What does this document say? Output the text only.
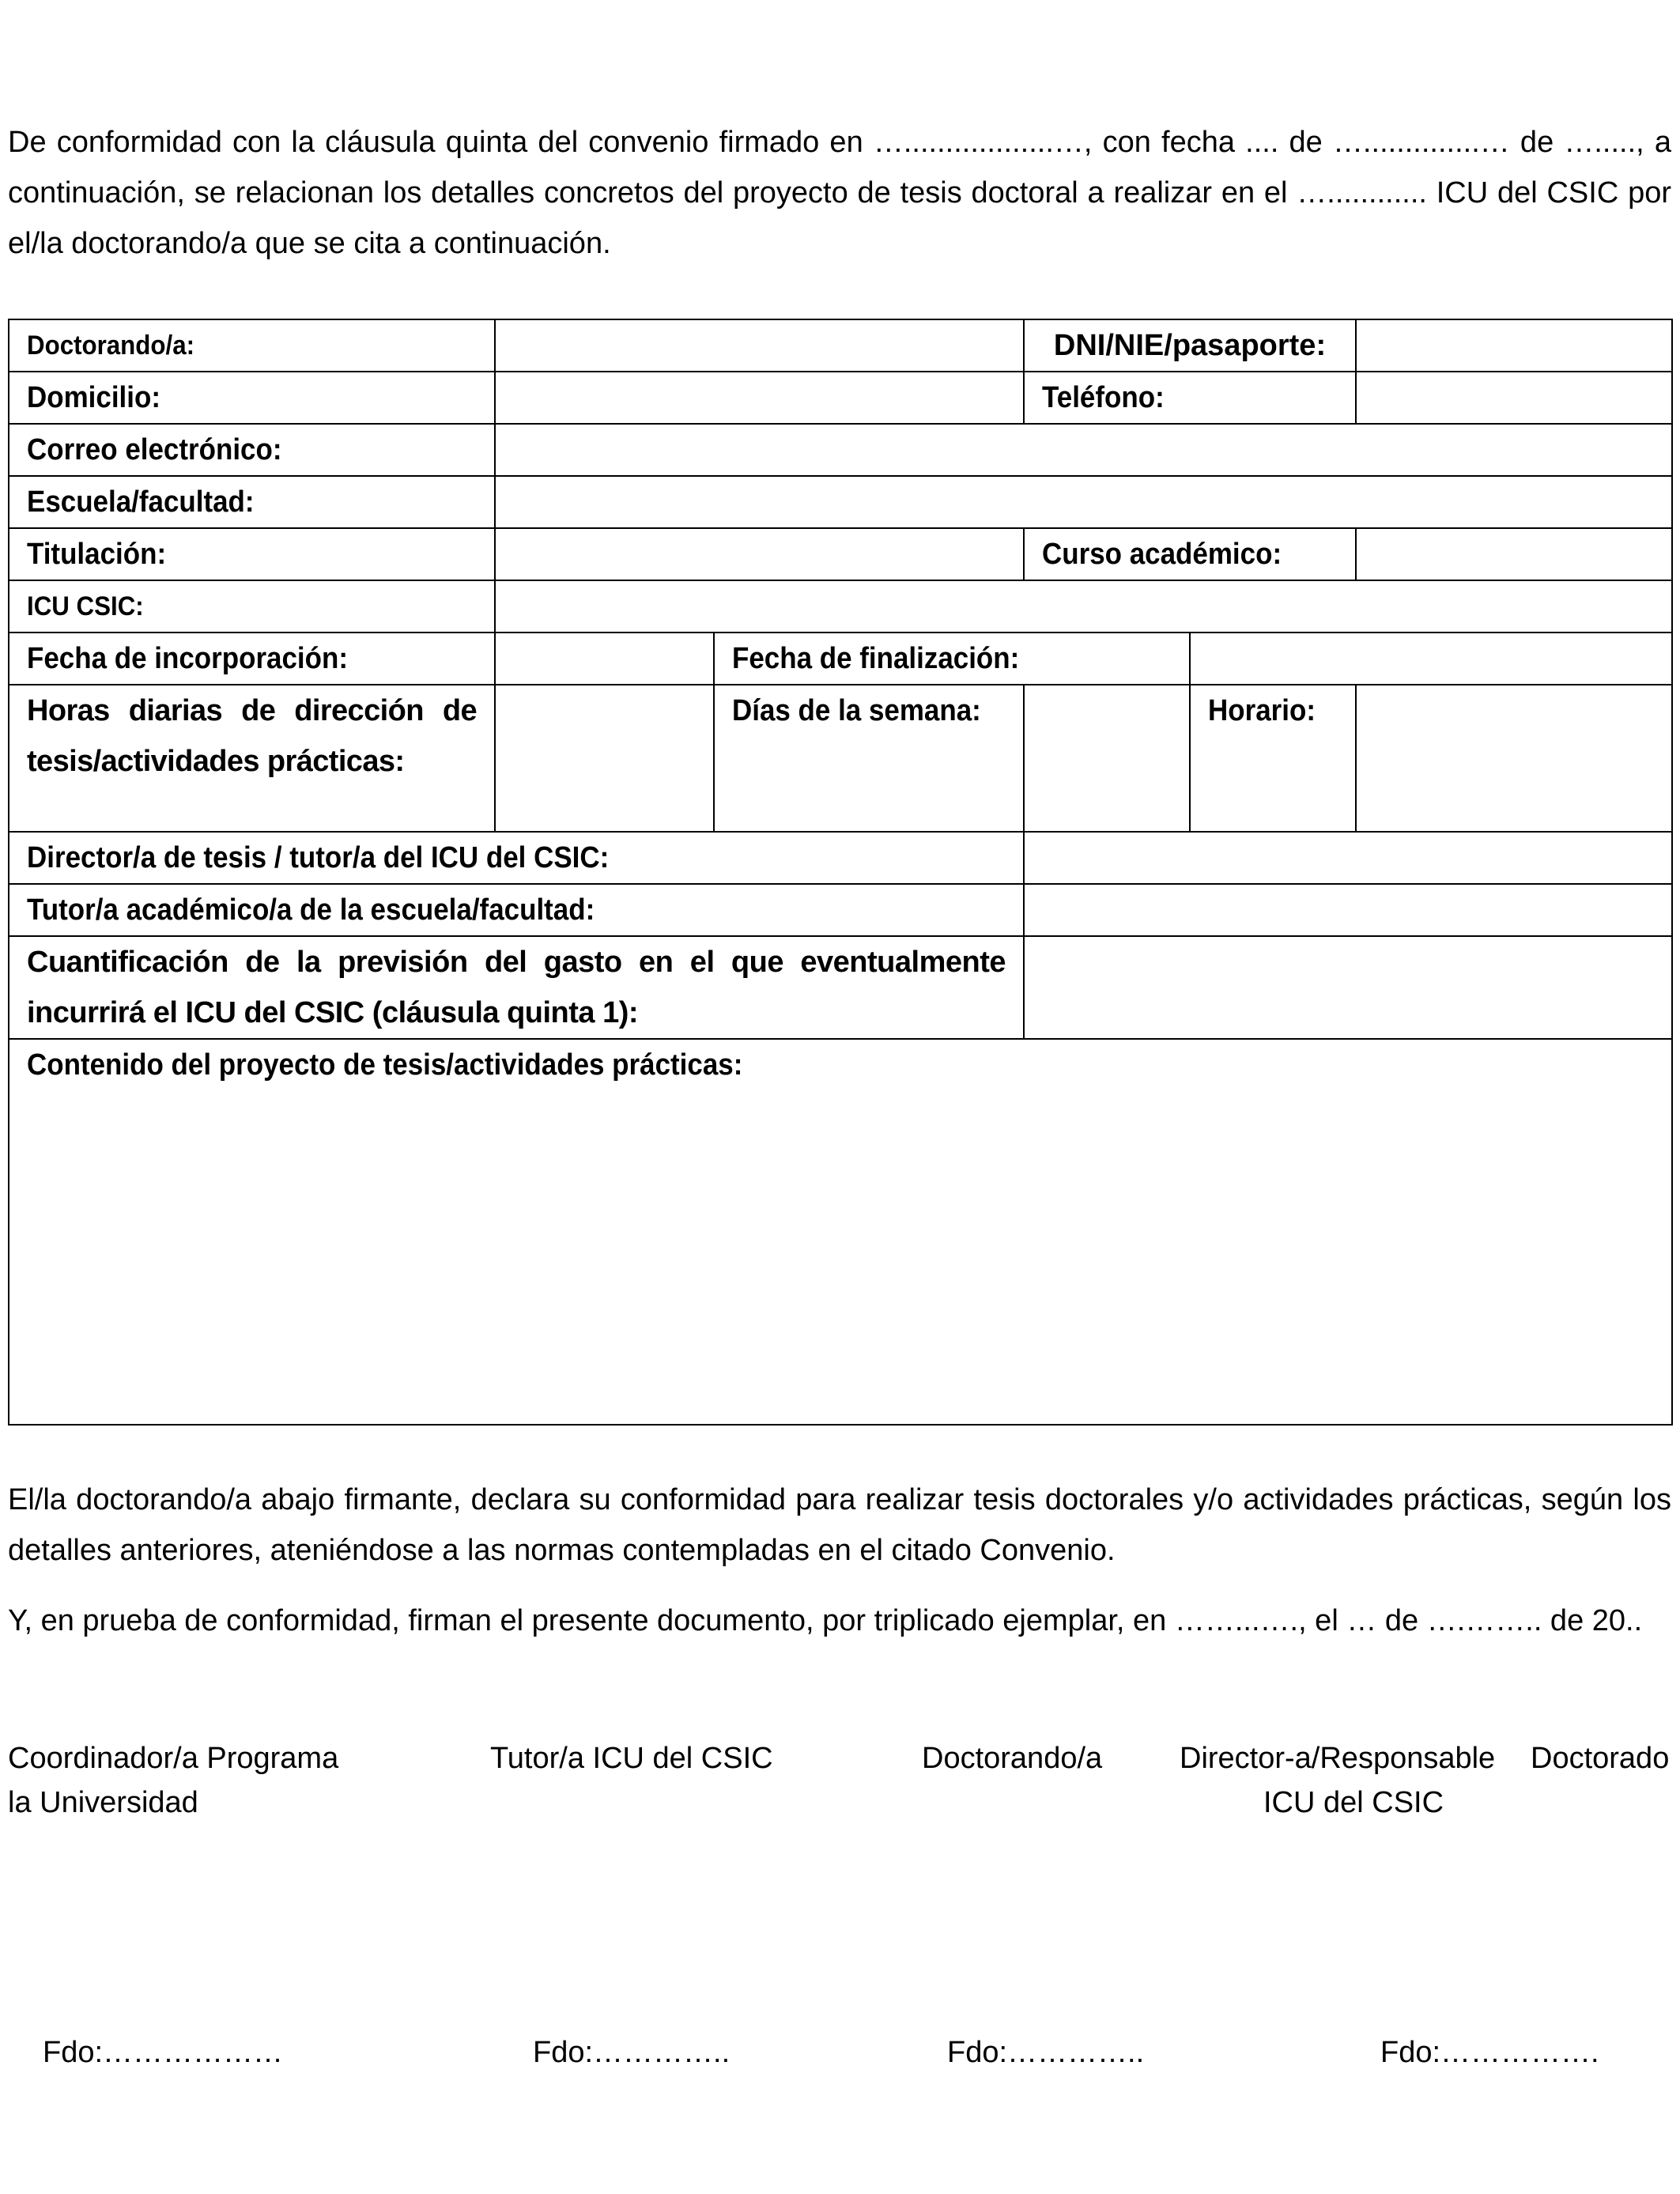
De conformidad con la cláusula quinta del convenio firmado en …..................…, con fecha .... de …..............… de …....., a continuación, se relacionan los detalles concretos del proyecto de tesis doctoral a realizar en el …............ ICU del CSIC por el/la doctorando/a que se cita a continuación.
Doctorando/a:			DNI/NIE/pasaporte:		

Domicilio:			Teléfono:		

Correo electrónico:					

Escuela/facultad:					

Titulación:			Curso académico:		

ICU CSIC:					

Fecha de incorporación:		Fecha de finalización:			

Horas diarias de dirección de tesis/actividades prácticas:		Días de la semana:		Horario:	

Director/a de tesis / tutor/a del ICU del CSIC:					

Tutor/a académico/a de la escuela/facultad:					

Cuantificación de la previsión del gasto en el que eventualmente incurrirá el ICU del CSIC (cláusula quinta 1):					

Contenido del proyecto de tesis/actividades prácticas:					
El/la doctorando/a abajo firmante, declara su conformidad para realizar tesis doctorales y/o actividades prácticas, según los detalles anteriores, ateniéndose a las normas contempladas en el citado Convenio.
Y, en prueba de conformidad, firman el presente documento, por triplicado ejemplar, en ……...…., el … de ….…….. de 20..
Coordinador/a Programa
la Universidad
Tutor/a ICU del CSIC	Doctorando/a	Director-a/Responsable
ICU del CSIC
Doctorado
Fdo:………………	Fdo:…………..	Fdo:…………..	Fdo:…………….
